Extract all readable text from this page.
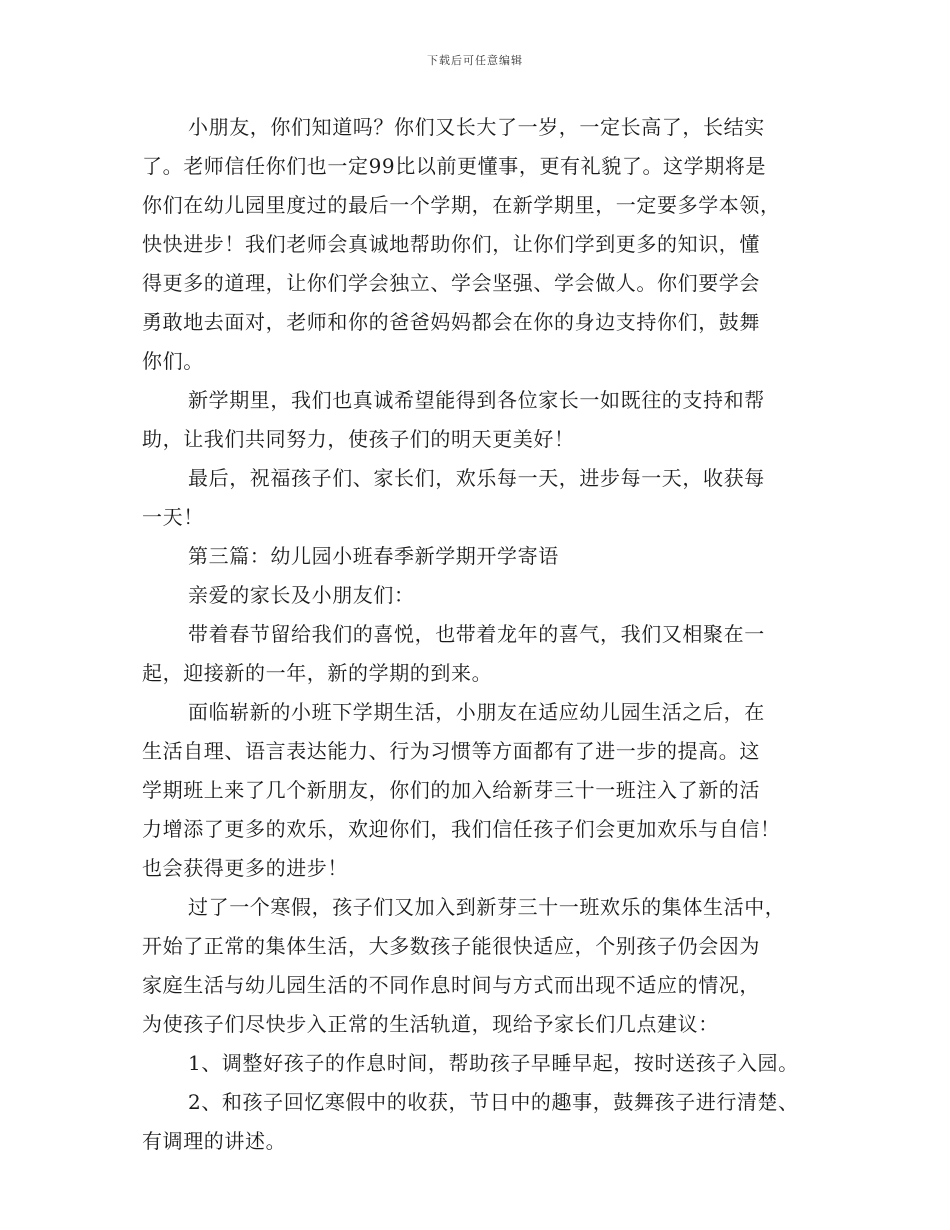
下载后可任意编辑
小朋友，你们知道吗？你们又长大了一岁，一定长高了，长结实
了。老师信任你们也一定99比以前更懂事，更有礼貌了。这学期将是
你们在幼儿园里度过的最后一个学期，在新学期里，一定要多学本领，
快快进步！我们老师会真诚地帮助你们，让你们学到更多的知识，懂
得更多的道理，让你们学会独立、学会坚强、学会做人。你们要学会
勇敢地去面对，老师和你的爸爸妈妈都会在你的身边支持你们，鼓舞
你们。
新学期里，我们也真诚希望能得到各位家长一如既往的支持和帮
助，让我们共同努力，使孩子们的明天更美好！
最后，祝福孩子们、家长们，欢乐每一天，进步每一天，收获每
一天！
第三篇：幼儿园小班春季新学期开学寄语
亲爱的家长及小朋友们：
带着春节留给我们的喜悦，也带着龙年的喜气，我们又相聚在一
起，迎接新的一年，新的学期的到来。
面临崭新的小班下学期生活，小朋友在适应幼儿园生活之后，在
生活自理、语言表达能力、行为习惯等方面都有了进一步的提高。这
学期班上来了几个新朋友，你们的加入给新芽三十一班注入了新的活
力增添了更多的欢乐，欢迎你们，我们信任孩子们会更加欢乐与自信！
也会获得更多的进步！
过了一个寒假，孩子们又加入到新芽三十一班欢乐的集体生活中，
开始了正常的集体生活，大多数孩子能很快适应，个别孩子仍会因为
家庭生活与幼儿园生活的不同作息时间与方式而出现不适应的情况，
为使孩子们尽快步入正常的生活轨道，现给予家长们几点建议：
1、调整好孩子的作息时间，帮助孩子早睡早起，按时送孩子入园。
2、和孩子回忆寒假中的收获，节日中的趣事，鼓舞孩子进行清楚、
有调理的讲述。
